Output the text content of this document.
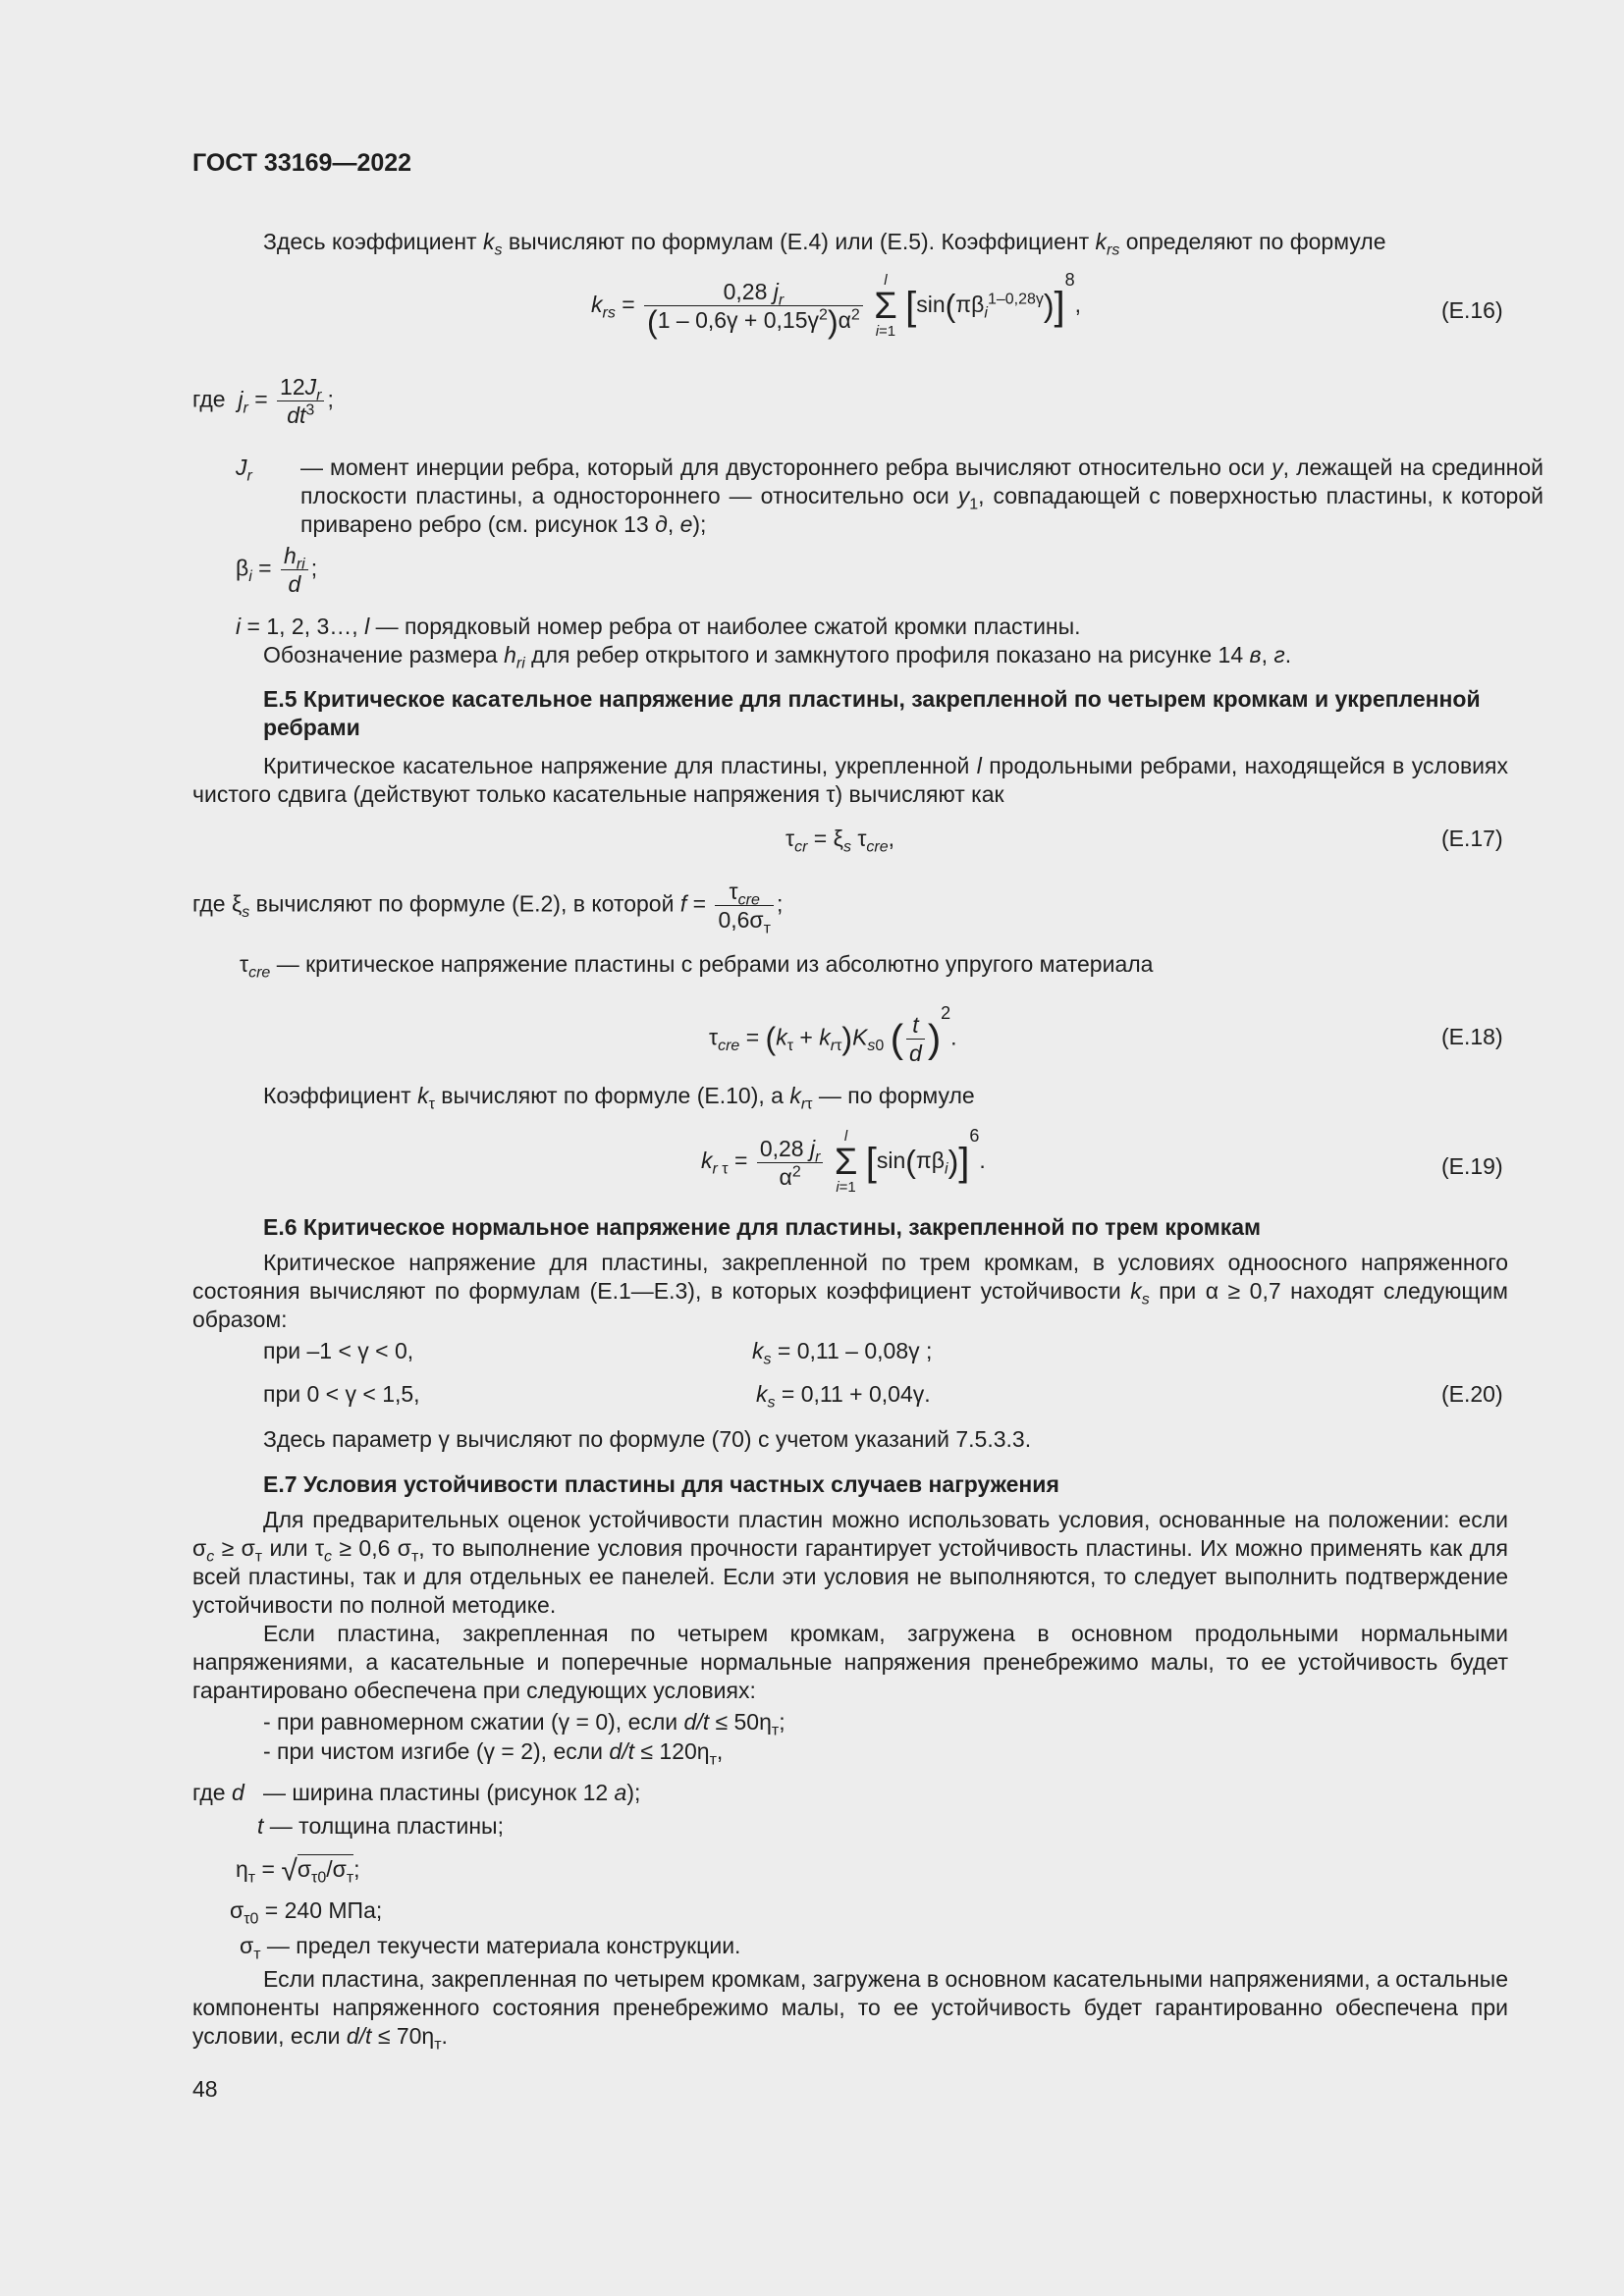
ГОСТ 33169—2022
Здесь коэффициент $k_s$ вычисляют по формулам (Е.4) или (Е.5). Коэффициент $k_{rs}$ определяют по формуле
$k_{rs} = \frac{0,28 j_r}{(1 - 0,6\gamma + 0,15\gamma^2)\alpha^2}$ l
Σ
i=1 $[\sin(\pi\beta_i^{1-0,28\gamma})]^8$,	(Е.16)
где $j_r = \frac{12J_r}{dt^3}$ ;
$J_r$	— момент инерции ребра, который для двустороннего ребра вычисляют относительно оси y, лежащей на срединной плоскости пластины, а одностороннего — относительно оси $y_1$, совпадающей с поверхностью пластины, к которой приварено ребро (см. рисунок 13 д, е);
$\beta_i = \frac{h_{ri}}{d}$ ;
i = 1, 2, 3…, l — порядковый номер ребра от наиболее сжатой кромки пластины.
Обозначение размера $h_{ri}$ для ребер открытого и замкнутого профиля показано на рисунке 14 в, г.
Е.5 Критическое касательное напряжение для пластины, закрепленной по четырем кромкам и укрепленной ребрами
Критическое касательное напряжение для пластины, укрепленной l продольными ребрами, находящейся в условиях чистого сдвига (действуют только касательные напряжения τ) вычисляют как
$\tau_{cr} = \xi_s$ $\tau_{cre}$,	(Е.17)
где $\xi_s$ вычисляют по формуле (Е.2), в которой $f = \frac{\tau_{cre}}{0,6\sigma_т}$ ;
$\tau_{cre}$ — критическое напряжение пластины с ребрами из абсолютно упругого материала
$\tau_{cre} = (k_\tau + k_{r\tau})K_{s0}$ ( $\frac{t}{d} )^2$.	(Е.18)
Коэффициент $k_\tau$ вычисляют по формуле (Е.10), а $k_{r\tau}$ — по формуле
$k_{r \tau} = \frac{0,28 j_r}{\alpha^2}$ l
Σ
i=1 $[\sin(\pi\beta_i)]^6$.	(Е.19)
Е.6 Критическое нормальное напряжение для пластины, закрепленной по трем кромкам
Критическое напряжение для пластины, закрепленной по трем кромкам, в условиях одноосного напряженного состояния вычисляют по формулам (Е.1—Е.3), в которых коэффициент устойчивости $k_s$ при α ≥ 0,7 находят следующим образом:
при –1 < γ < 0,	$k_s = 0,11 - 0,08\gamma$ ;
при 0 < γ < 1,5,	$k_s = 0,11 + 0,04\gamma$.	(Е.20)
Здесь параметр γ вычисляют по формуле (70) с учетом указаний 7.5.3.3.
Е.7 Условия устойчивости пластины для частных случаев нагружения
Для предварительных оценок устойчивости пластин можно использовать условия, основанные на положении: если $\sigma_c \ge \sigma_т$ или $\tau_c \ge 0,6$ $\sigma_т$, то выполнение условия прочности гарантирует устойчивость пластины. Их можно применять как для всей пластины, так и для отдельных ее панелей. Если эти условия не выполняются, то следует выполнить подтверждение устойчивости по полной методике.
Если пластина, закрепленная по четырем кромкам, загружена в основном продольными нормальными напряжениями, а касательные и поперечные нормальные напряжения пренебрежимо малы, то ее устойчивость будет гарантировано обеспечена при следующих условиях:
- при равномерном сжатии (γ = 0), если $d/t \le 50\eta_т$;
- при чистом изгибе (γ = 2), если $d/t \le 120\eta_т$,
где d — ширина пластины (рисунок 12 а);
t — толщина пластины;
$\eta_т = √\sigma_{\tau 0}/\sigma_т$;
$\sigma_{\tau 0} = 240$ МПа;
$\sigma_т$ — предел текучести материала конструкции.
Если пластина, закрепленная по четырем кромкам, загружена в основном касательными напряжениями, а остальные компоненты напряженного состояния пренебрежимо малы, то ее устойчивость будет гарантированно обеспечена при условии, если $d/t \le 70\eta_т$.
48
